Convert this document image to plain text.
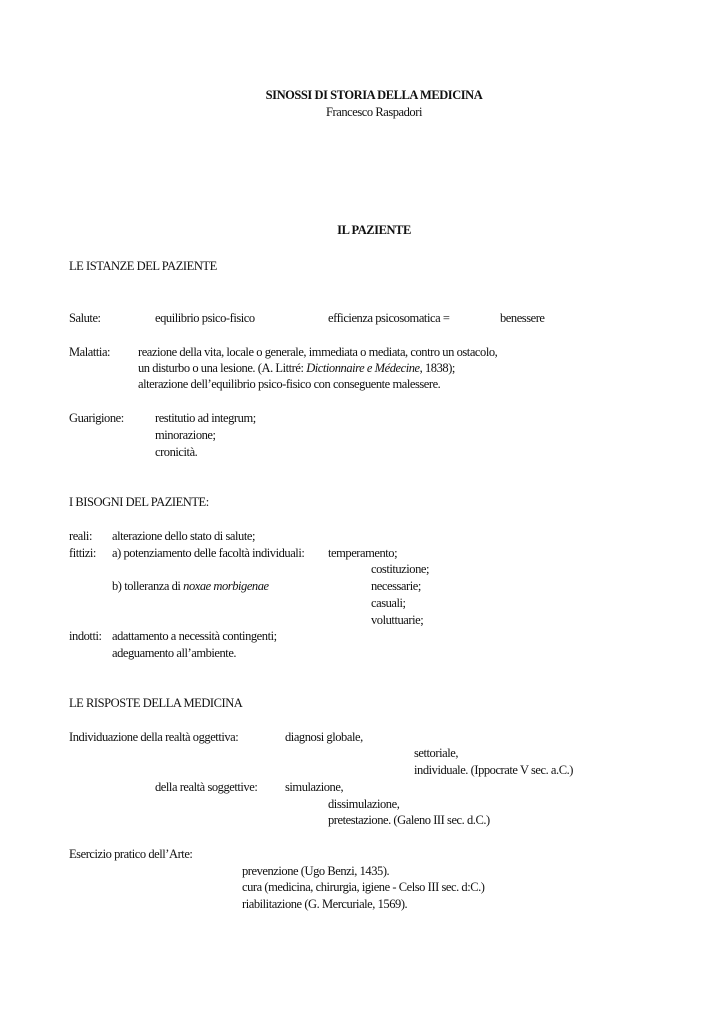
SINOSSI DI STORIA DELLA MEDICINA
Francesco Raspadori
IL PAZIENTE
LE ISTANZE DEL PAZIENTE
Salute:	equilibrio psico-fisico	efficienza psicosomatica =	benessere
Malattia: reazione della vita, locale o generale, immediata o mediata, contro un ostacolo,
un disturbo o una lesione. (A. Littré: Dictionnaire e Médecine, 1838);
alterazione dell’equilibrio psico-fisico con conseguente malessere.
Guarigione: restitutio ad integrum;
minorazione;
cronicità.
I BISOGNI DEL PAZIENTE:
reali: alterazione dello stato di salute;
fittizi: a) potenziamento delle facoltà individuali: temperamento;
costituzione;
b) tolleranza di noxae morbigenae	necessarie;
casuali;
voluttuarie;
indotti: adattamento a necessità contingenti;
adeguamento all’ambiente.
LE RISPOSTE DELLA MEDICINA
Individuazione della realtà oggettiva:	diagnosi globale,
settoriale,
individuale. (Ippocrate V sec. a.C.)
della realtà soggettive: simulazione,
dissimulazione,
pretestazione. (Galeno III sec. d.C.)
Esercizio pratico dell’Arte:
prevenzione (Ugo Benzi, 1435).
cura (medicina, chirurgia, igiene - Celso III sec. d:C.)
riabilitazione (G. Mercuriale, 1569).
